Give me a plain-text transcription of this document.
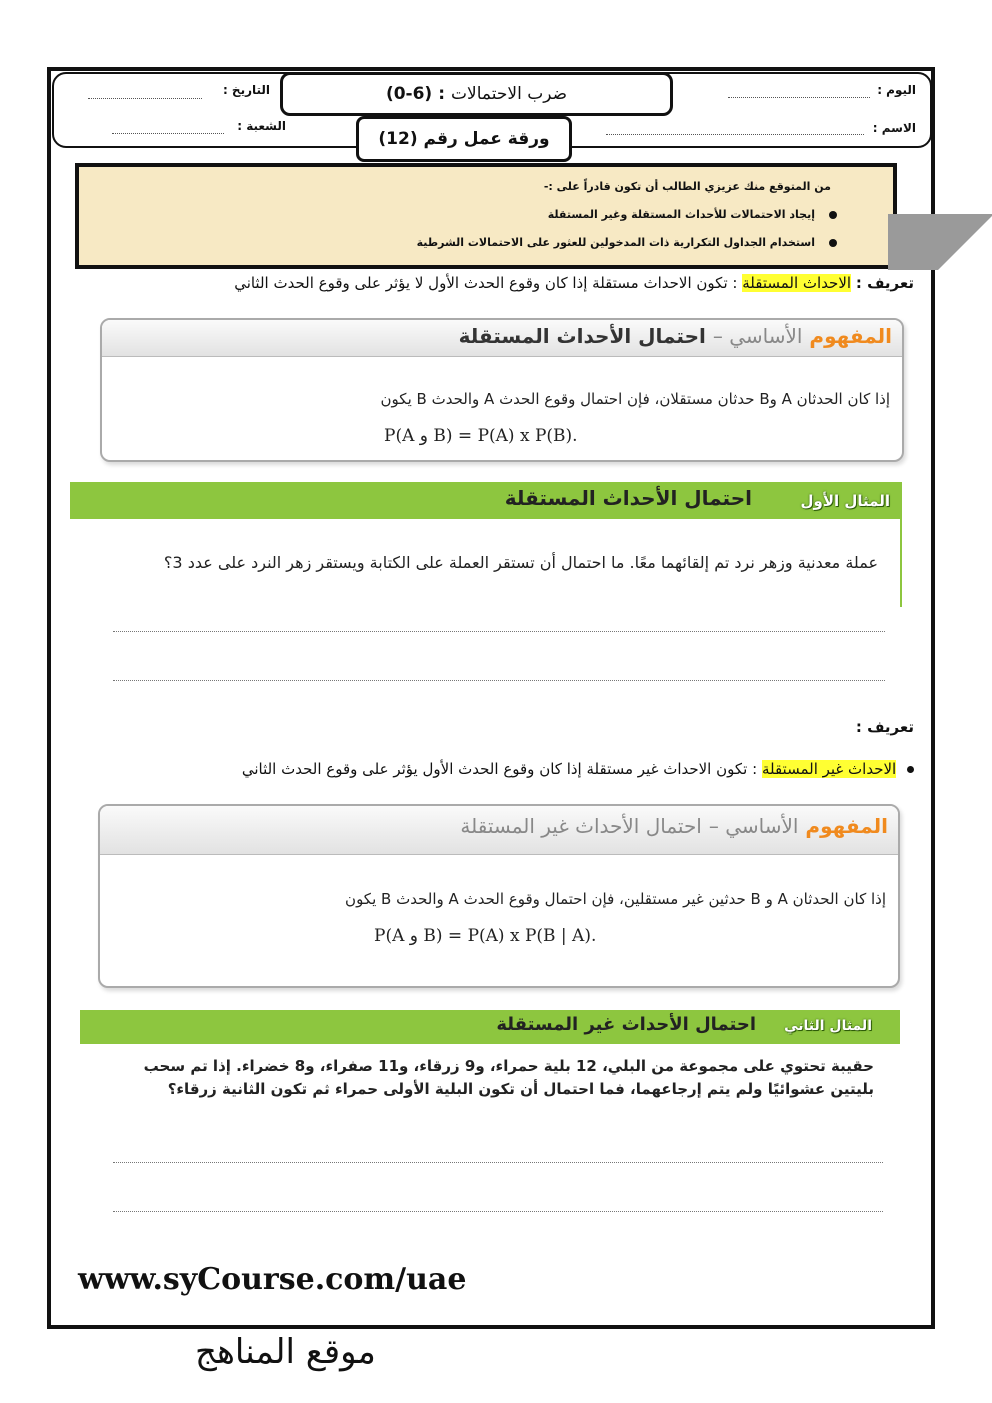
اليوم :
الاسم :
التاريخ :
الشعبة :
ضرب الاحتمالات
:
(0-6)
ورقة عمل رقم (12)
من المتوقع منك عزيزي الطالب أن تكون قادراً على :-
إيجاد الاحتمالات للأحداث المستقلة وغير المستقلة
استخدام الجداول التكرارية ذات المدخولين للعثور على الاحتمالات الشرطية
تعريف : الاحداث المستقلة : تكون الاحداث مستقلة إذا كان وقوع الحدث الأول لا يؤثر على وقوع الحدث الثاني
المفهوم الأساسي – احتمال الأحداث المستقلة
إذا كان الحدثان A وB حدثان مستقلان، فإن احتمال وقوع الحدث A والحدث B يكون
P(A و B) = P(A) x P(B).
المثال الأول
احتمال الأحداث المستقلة
عملة معدنية وزهر نرد تم إلقائهما معًا. ما احتمال أن تستقر العملة على الكتابة ويستقر زهر النرد على عدد 3؟
تعريف :
الاحداث غير المستقلة : تكون الاحداث غير مستقلة إذا كان وقوع الحدث الأول يؤثر على وقوع الحدث الثاني
المفهوم الأساسي – احتمال الأحداث غير المستقلة
إذا كان الحدثان A و B حدثين غير مستقلين، فإن احتمال وقوع الحدث A والحدث B يكون
P(A و B) = P(A) x P(B | A).
المثال الثاني
احتمال الأحداث غير المستقلة
حقيبة تحتوي على مجموعة من البلي، 12 بلية حمراء، و9 زرقاء، و11 صفراء، و8 خضراء. إذا تم سحب بليتين عشوائيًا ولم يتم إرجاعهما، فما احتمال أن تكون البلية الأولى حمراء ثم تكون الثانية زرقاء؟
www.syCourse.com/uae
موقع المناهج
